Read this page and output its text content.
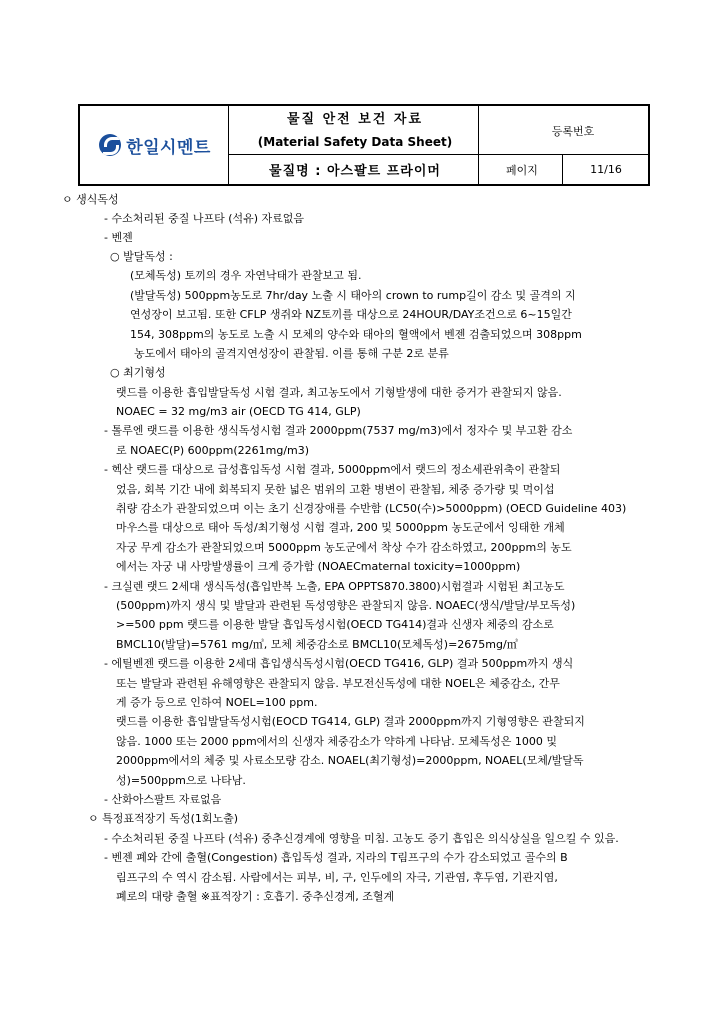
한일시멘트
물질 안전 보건 자료
(Material Safety Data Sheet)
물질명 : 아스팔트 프라이머
등록번호
페이지	11/16
ㅇ 생식독성
- 수소처리된 중질 나프타 (석유) 자료없음
- 벤젠
○ 발달독성 :
(모체독성) 토끼의 경우 자연낙태가 관찰보고 됨.
(발달독성) 500ppm농도로 7hr/day 노출 시 태아의 crown to rump길이 감소 및 골격의 지
연성장이 보고됨. 또한 CFLP 생쥐와 NZ토끼를 대상으로 24HOUR/DAY조건으로 6~15일간
154, 308ppm의 농도로 노출 시 모체의 양수와 태아의 혈액에서 벤젠 검출되었으며 308ppm
농도에서 태아의 골격지연성장이 관찰됨. 이를 통해 구분 2로 분류
○ 최기형성
랫드를 이용한 흡입발달독성 시험 결과, 최고농도에서 기형발생에 대한 증거가 관찰되지 않음.
NOAEC = 32 mg/m3 air (OECD TG 414, GLP)
- 톨루엔 랫드를 이용한 생식독성시험 결과 2000ppm(7537 mg/m3)에서 정자수 및 부고환 감소
로 NOAEC(P) 600ppm(2261mg/m3)
- 헥산 랫드를 대상으로 급성흡입독성 시험 결과, 5000ppm에서 랫드의 정소세관위축이 관찰되
었음, 회복 기간 내에 회복되지 못한 넓은 범위의 고환 병변이 관찰됨, 체중 증가량 및 먹이섭
취량 감소가 관찰되었으며 이는 초기 신경장애를 수반함 (LC50(수)>5000ppm) (OECD Guideline 403)
마우스를 대상으로 태아 독성/최기형성 시험 결과, 200 및 5000ppm 농도군에서 잉태한 개체
자궁 무게 감소가 관찰되었으며 5000ppm 농도군에서 착상 수가 감소하였고, 200ppm의 농도
에서는 자궁 내 사망발생률이 크게 증가함 (NOAECmaternal toxicity=1000ppm)
- 크실렌 랫드 2세대 생식독성(흡입반복 노출, EPA OPPTS870.3800)시험결과 시험된 최고농도
(500ppm)까지 생식 및 발달과 관련된 독성영향은 관찰되지 않음. NOAEC(생식/발달/부모독성)
>=500 ppm 랫드를 이용한 발달 흡입독성시험(OECD TG414)결과 신생자 체중의 감소로
BMCL10(발달)=5761 mg/㎥, 모체 체중감소로 BMCL10(모체독성)=2675mg/㎥
- 에틸벤젠 랫드를 이용한 2세대 흡입생식독성시험(OECD TG416, GLP) 결과 500ppm까지 생식
또는 발달과 관련된 유해영향은 관찰되지 않음. 부모전신독성에 대한 NOEL은 체중감소, 간무
게 증가 등으로 인하여 NOEL=100 ppm.
랫드를 이용한 흡입발달독성시험(EOCD TG414, GLP) 결과 2000ppm까지 기형영향은 관찰되지
않음. 1000 또는 2000 ppm에서의 신생자 체중감소가 약하게 나타남. 모체독성은 1000 및
2000ppm에서의 체중 및 사료소모량 감소. NOAEL(최기형성)=2000ppm, NOAEL(모체/발달독
성)=500ppm으로 나타남.
- 산화아스팔트 자료없음
ㅇ 특정표적장기 독성(1회노출)
- 수소처리된 중질 나프타 (석유) 중추신경계에 영향을 미침. 고농도 증기 흡입은 의식상실을 일으킬 수 있음.
- 벤젠 폐와 간에 출혈(Congestion) 흡입독성 결과, 지라의 T림프구의 수가 감소되었고 골수의 B
림프구의 수 역시 감소됨. 사람에서는 피부, 비, 구, 인두에의 자극, 기관염, 후두염, 기관지염,
폐로의 대량 출혈 ※표적장기 : 호흡기. 중추신경계, 조혈계
